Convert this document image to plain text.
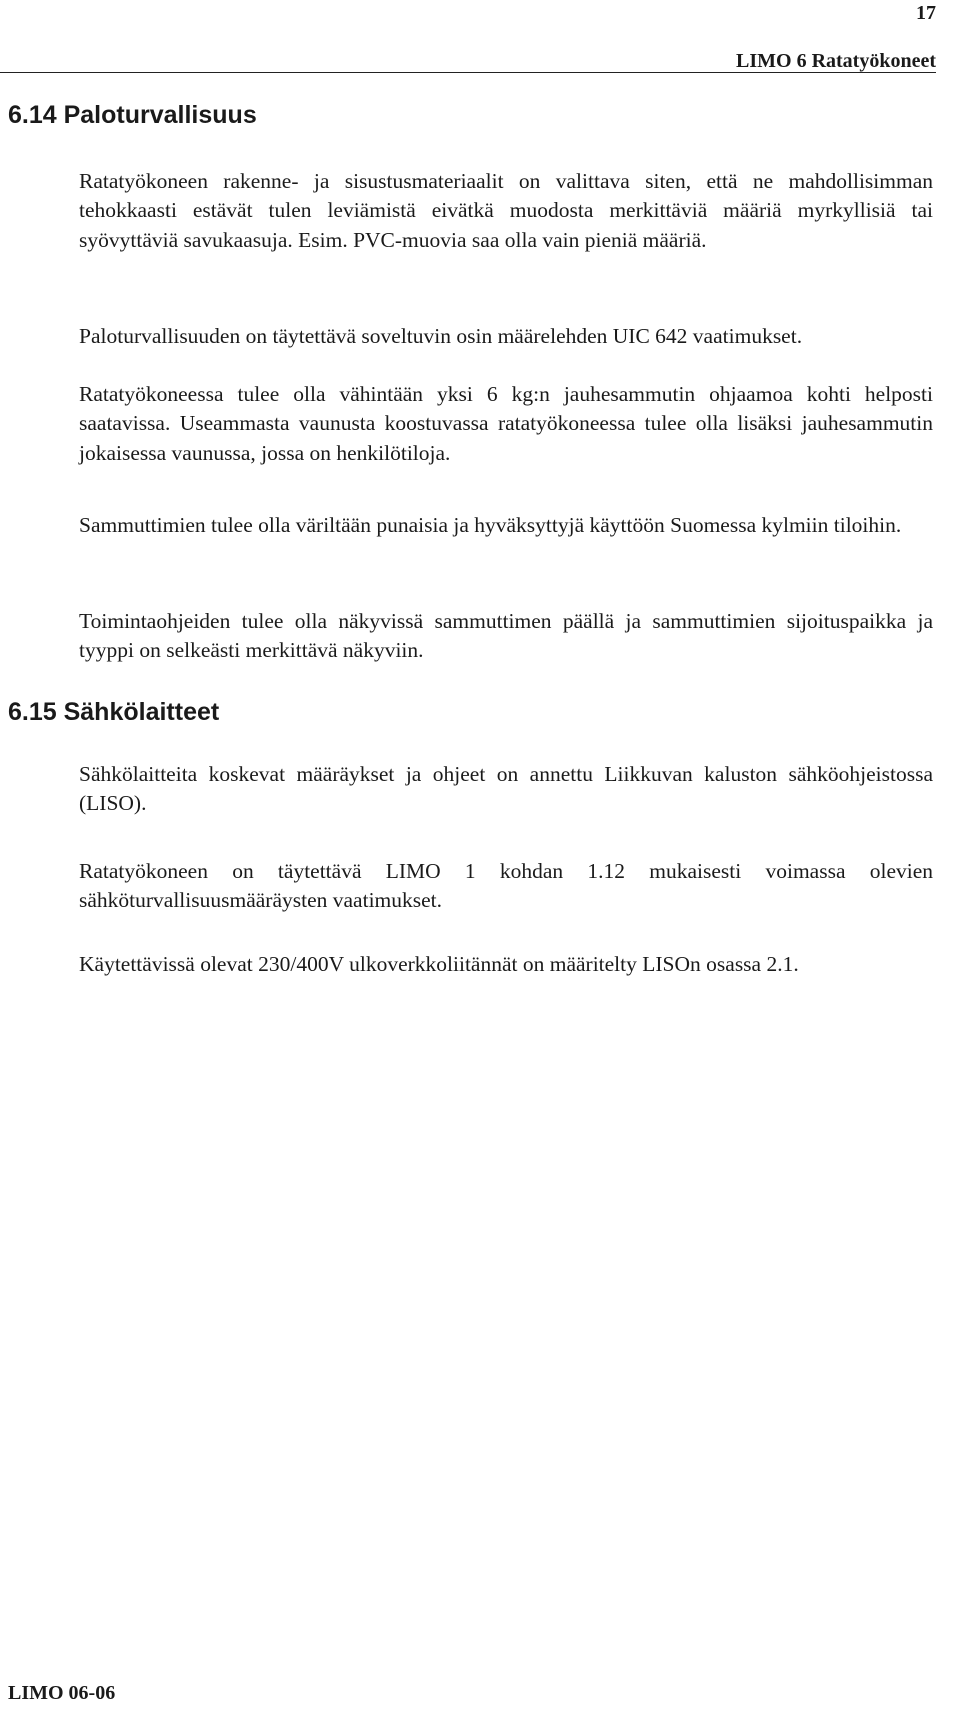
17
LIMO 6 Ratatyökoneet
6.14 Paloturvallisuus

Ratatyökoneen rakenne- ja sisustusmateriaalit on valittava siten, että ne mahdollisimman tehokkaasti estävät tulen leviämistä eivätkä muodosta merkittäviä määriä myrkyllisiä tai syövyttäviä savukaasuja. Esim. PVC-muovia saa olla vain pieniä määriä.

Paloturvallisuuden on täytettävä soveltuvin osin määrelehden UIC 642 vaatimukset.

Ratatyökoneessa tulee olla vähintään yksi 6 kg:n jauhesammutin ohjaamoa kohti helposti saatavissa. Useammasta vaunusta koostuvassa ratatyökoneessa tulee olla lisäksi jauhesammutin jokaisessa vaunussa, jossa on henkilötiloja.

Sammuttimien tulee olla väriltään punaisia ja hyväksyttyjä käyttöön Suomessa kylmiin tiloihin.

Toimintaohjeiden tulee olla näkyvissä sammuttimen päällä ja sammuttimien sijoituspaikka ja tyyppi on selkeästi merkittävä näkyviin.

6.15 Sähkölaitteet

Sähkölaitteita koskevat määräykset ja ohjeet on annettu Liikkuvan kaluston sähköohjeistossa (LISO).

Ratatyökoneen on täytettävä LIMO 1 kohdan 1.12 mukaisesti voimassa olevien sähköturvallisuusmääräysten vaatimukset.

Käytettävissä olevat 230/400V ulkoverkkoliitännät on määritelty LISOn osassa 2.1.

LIMO 06-06
